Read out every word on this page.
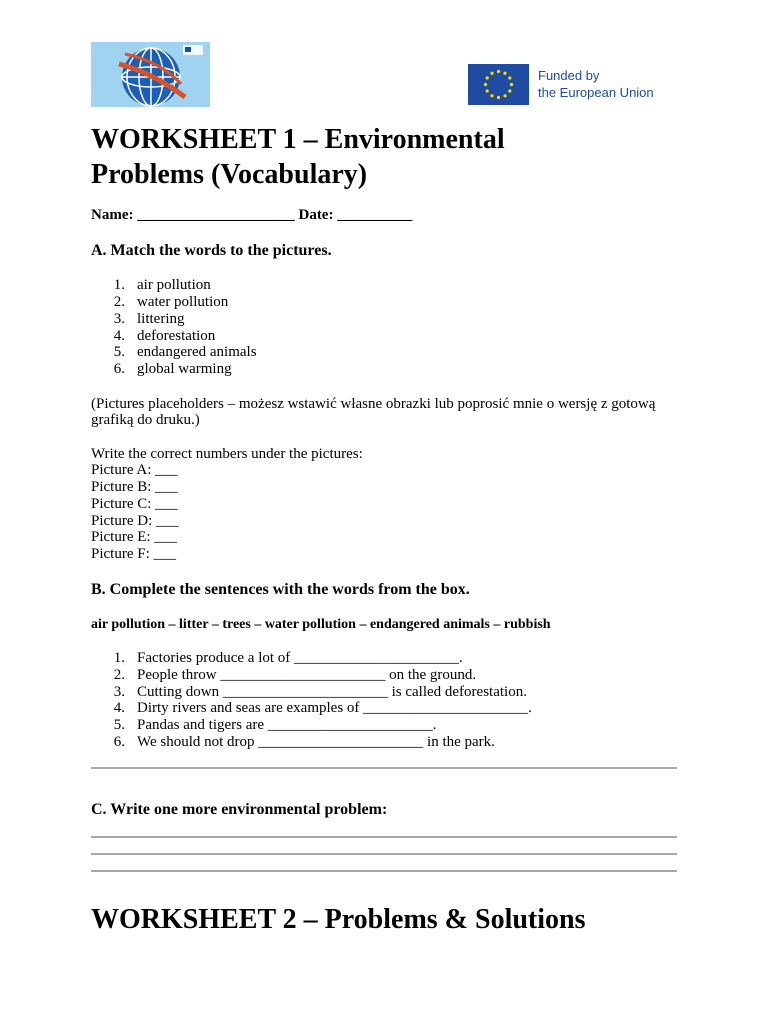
Funded by
the European Union
WORKSHEET 1 – Environmental
Problems (Vocabulary)
Name: _____________________ Date: __________
A. Match the words to the pictures.
1. air pollution
2. water pollution
3. littering
4. deforestation
5. endangered animals
6. global warming
(Pictures placeholders – możesz wstawić własne obrazki lub poprosić mnie o wersję z gotową
grafiką do druku.)
Write the correct numbers under the pictures:
Picture A: ___
Picture B: ___
Picture C: ___
Picture D: ___
Picture E: ___
Picture F: ___
B. Complete the sentences with the words from the box.
air pollution – litter – trees – water pollution – endangered animals – rubbish
1. Factories produce a lot of ______________________.
2. People throw ______________________ on the ground.
3. Cutting down ______________________ is called deforestation.
4. Dirty rivers and seas are examples of ______________________.
5. Pandas and tigers are ______________________.
6. We should not drop ______________________ in the park.
C. Write one more environmental problem:
WORKSHEET 2 – Problems & Solutions
